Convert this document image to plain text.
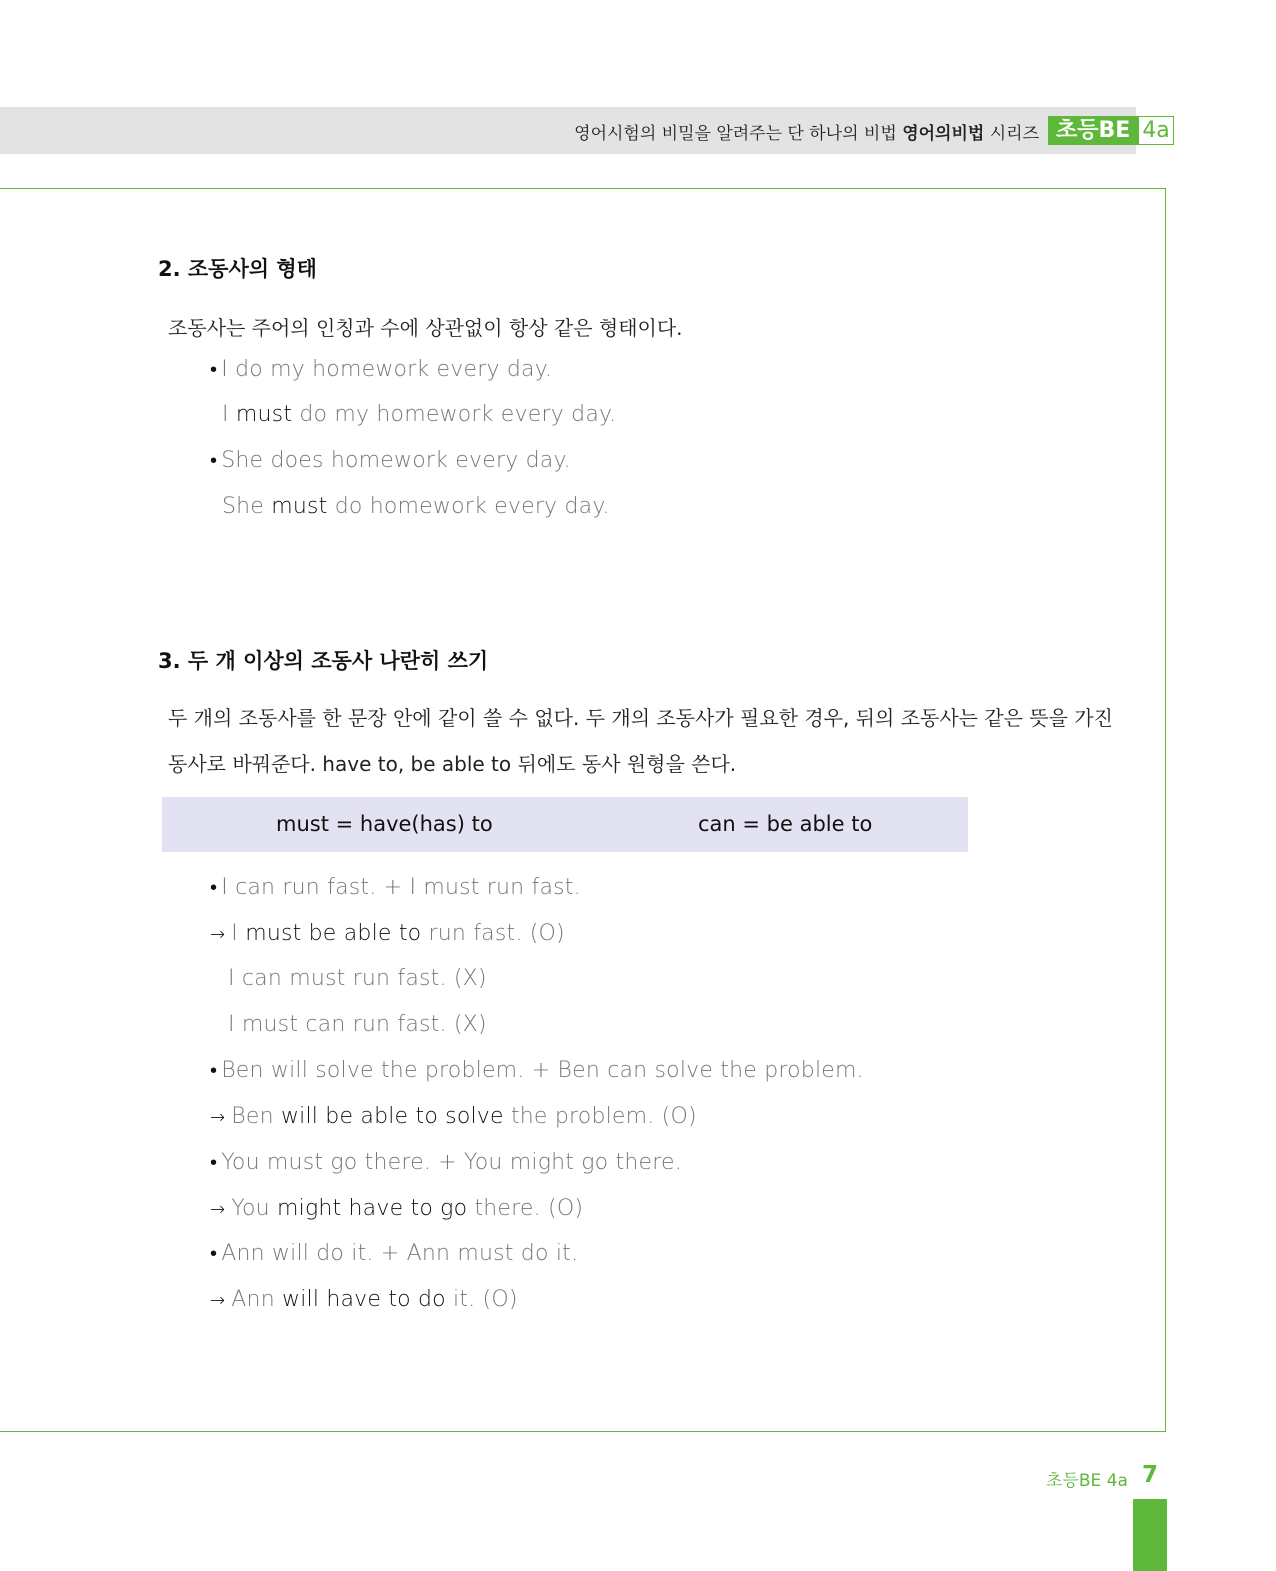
영어시험의 비밀을 알려주는 단 하나의 비법 영어의비법 시리즈 초등BE 4a
2. 조동사의 형태
조동사는 주어의 인칭과 수에 상관없이 항상 같은 형태이다.
• I do my homework every day.
I must do my homework every day.
• She does homework every day.
She must do homework every day.
3. 두 개 이상의 조동사 나란히 쓰기
두 개의 조동사를 한 문장 안에 같이 쓸 수 없다. 두 개의 조동사가 필요한 경우, 뒤의 조동사는 같은 뜻을 가진
동사로 바꿔준다. have to, be able to 뒤에도 동사 원형을 쓴다.
must = have(has) to	can = be able to
• I can run fast. + I must run fast.
→ I must be able to run fast. (O)
I can must run fast. (X)
I must can run fast. (X)
• Ben will solve the problem. + Ben can solve the problem.
→ Ben will be able to solve the problem. (O)
• You must go there. + You might go there.
→ You might have to go there. (O)
• Ann will do it. + Ann must do it.
→ Ann will have to do it. (O)
초등BE 4a 7
